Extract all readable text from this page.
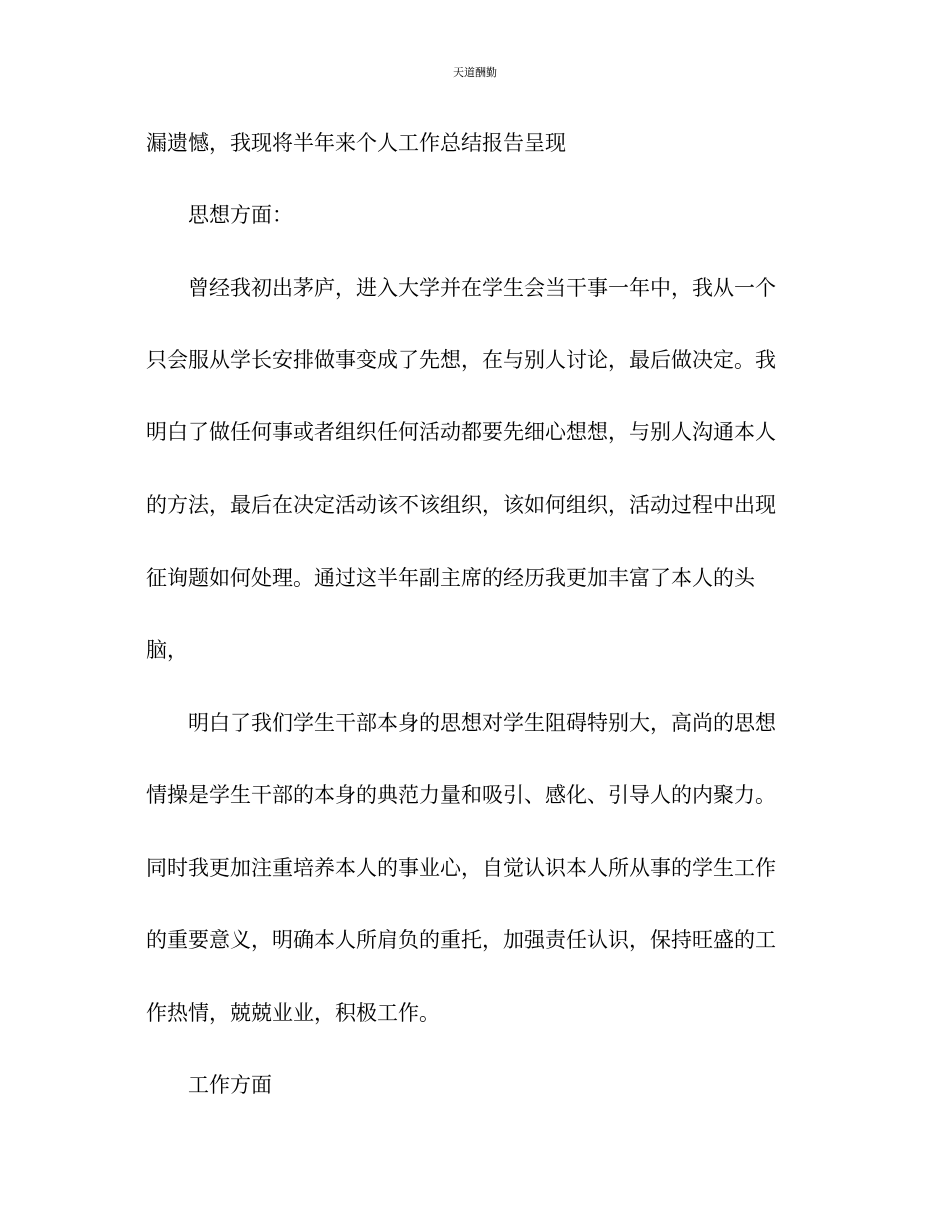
天道酬勤
漏遗憾，我现将半年来个人工作总结报告呈现
思想方面：
曾经我初出茅庐，进入大学并在学生会当干事一年中，我从一个
只会服从学长安排做事变成了先想，在与别人讨论，最后做决定。我
明白了做任何事或者组织任何活动都要先细心想想，与别人沟通本人
的方法，最后在决定活动该不该组织，该如何组织，活动过程中出现
征询题如何处理。通过这半年副主席的经历我更加丰富了本人的头
脑，
明白了我们学生干部本身的思想对学生阻碍特别大，高尚的思想
情操是学生干部的本身的典范力量和吸引、感化、引导人的内聚力。
同时我更加注重培养本人的事业心，自觉认识本人所从事的学生工作
的重要意义，明确本人所肩负的重托，加强责任认识，保持旺盛的工
作热情，兢兢业业，积极工作。
工作方面
